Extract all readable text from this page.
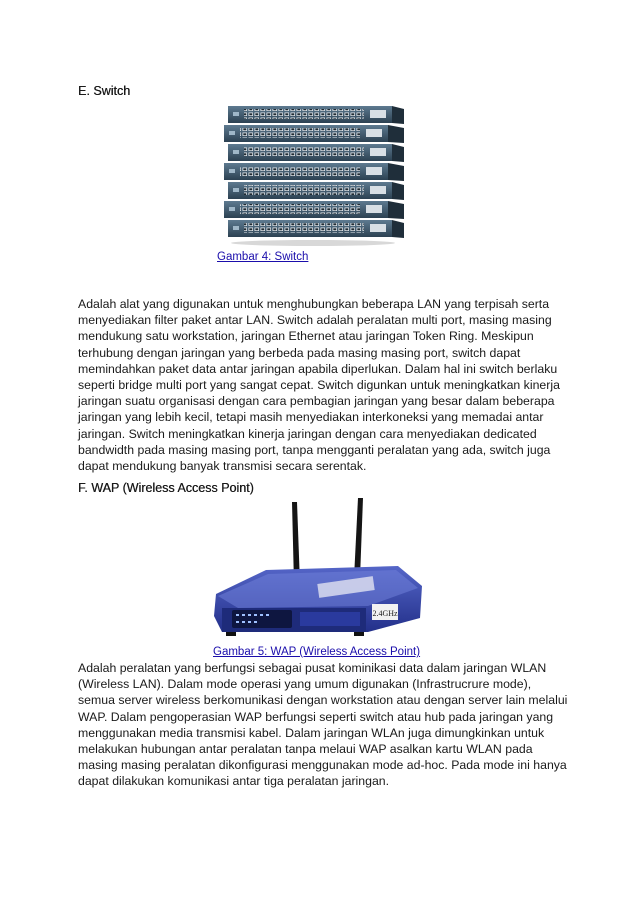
E. Switch
Gambar 4: Switch

Adalah alat yang digunakan untuk menghubungkan beberapa LAN yang terpisah serta menyediakan filter paket antar LAN. Switch adalah peralatan multi port, masing masing mendukung satu workstation, jaringan Ethernet atau jaringan Token Ring. Meskipun terhubung dengan jaringan yang berbeda pada masing masing port, switch dapat memindahkan paket data antar jaringan apabila diperlukan. Dalam hal ini switch berlaku seperti bridge multi port yang sangat cepat. Switch digunkan untuk meningkatkan kinerja jaringan suatu organisasi dengan cara pembagian jaringan yang besar dalam beberapa jaringan yang lebih kecil, tetapi masih menyediakan interkoneksi yang memadai antar jaringan. Switch meningkatkan kinerja jaringan dengan cara menyediakan dedicated bandwidth pada masing masing port, tanpa mengganti peralatan yang ada, switch juga dapat mendukung banyak transmisi secara serentak.

F. WAP (Wireless Access Point)
2.4GHz
Gambar 5: WAP (Wireless Access Point)

Adalah peralatan yang berfungsi sebagai pusat kominikasi data dalam jaringan WLAN (Wireless LAN). Dalam mode operasi yang umum digunakan (Infrastrucrure mode), semua server wireless berkomunikasi dengan workstation atau dengan server lain melalui WAP. Dalam pengoperasian WAP berfungsi seperti switch atau hub pada jaringan yang menggunakan media transmisi kabel. Dalam jaringan WLAn juga dimungkinkan untuk melakukan hubungan antar peralatan tanpa melaui WAP asalkan kartu WLAN pada masing masing peralatan dikonfigurasi menggunakan mode ad-hoc. Pada mode ini hanya dapat dilakukan komunikasi antar tiga peralatan jaringan.
